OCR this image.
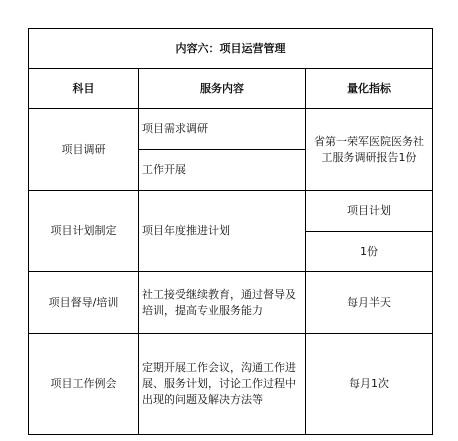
内容六：项目运营管理		
科目	服务内容	量化指标
项目调研	项目需求调研	省第一荣军医院医务社工服务调研报告1份
	工作开展	
项目计划制定	项目年度推进计划	项目计划
		1份
项目督导/培训	社工接受继续教育，通过督导及培训，提高专业服务能力	每月半天
项目工作例会	定期开展工作会议，沟通工作进展、服务计划，讨论工作过程中出现的问题及解决方法等	每月1次
